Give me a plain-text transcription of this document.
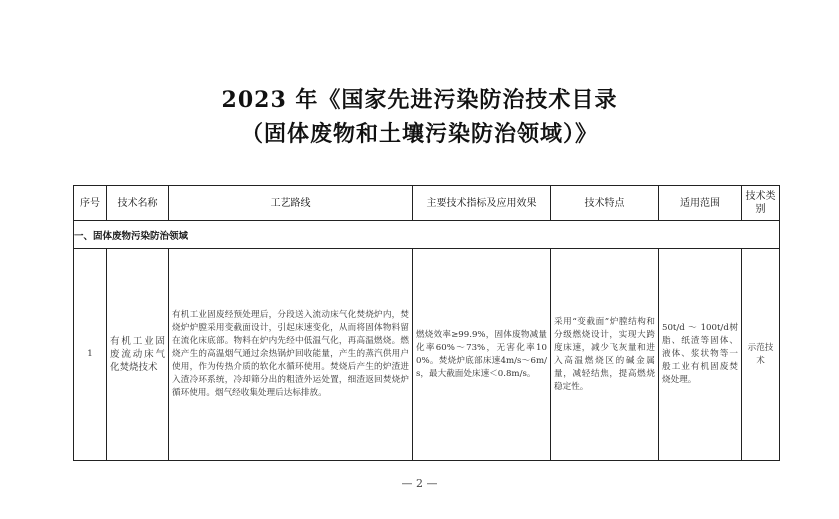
2023 年《国家先进污染防治技术目录
（固体废物和土壤污染防治领域）》
序号	技术名称	工艺路线	主要技术指标及应用效果	技术特点	适用范围	技术类别
一、固体废物污染防治领域						

1	有机工业固废流动床气化焚烧技术	有机工业固废经预处理后，分段送入流动床气化焚烧炉内，焚烧炉炉膛采用变截面设计，引起床速变化，从而将固体物料留在流化床底部。物料在炉内先经中低温气化，再高温燃烧。燃烧产生的高温烟气通过余热锅炉回收能量，产生的蒸汽供用户使用，作为传热介质的软化水循环使用。焚烧后产生的炉渣进入渣冷环系统，冷却筛分出的粗渣外运处置，细渣返回焚烧炉循环使用。烟气经收集处理后达标排放。	燃烧效率≥99.9%，固体废物减量化率60%～73%，无害化率100%。焚烧炉底部床速4m/s～6m/s，最大截面处床速＜0.8m/s。	采用“变截面”炉膛结构和分级燃烧设计，实现大跨度床速，减少飞灰量和进入高温燃烧区的碱金属量，减轻结焦，提高燃烧稳定性。	50t/d ～ 100t/d树脂、纸渣等固体、液体、浆状物等一般工业有机固废焚烧处理。	示范技术
— 2 —
